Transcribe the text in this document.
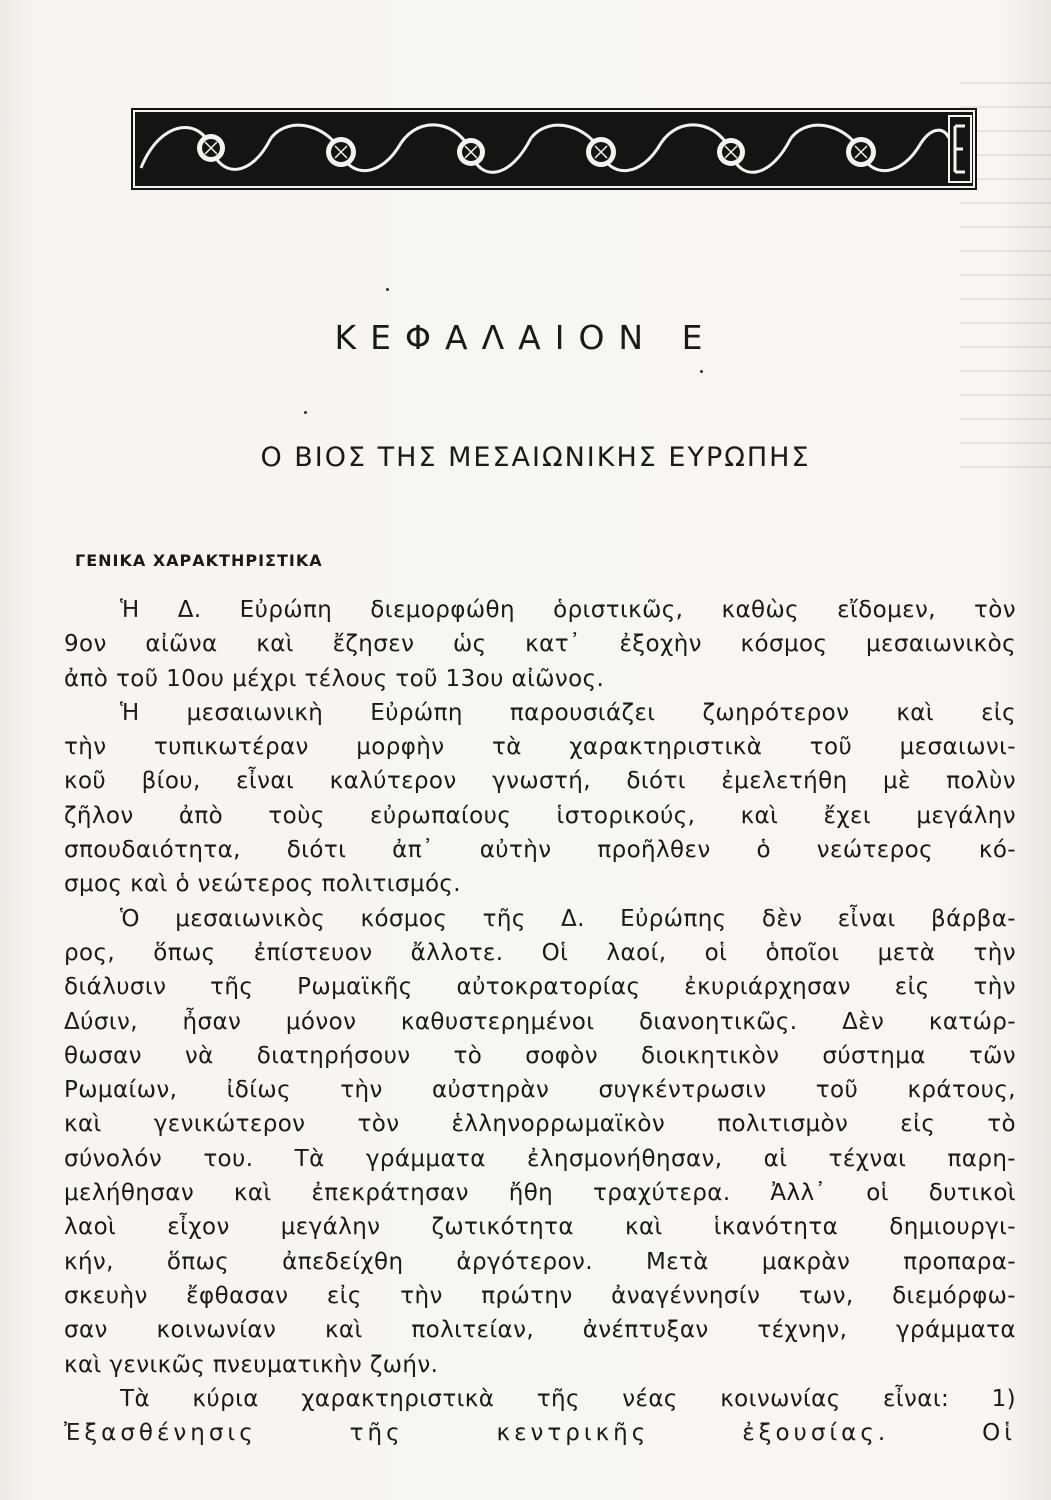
ΚΕΦΑΛΑΙΟΝ Ε
Ο ΒΙΟΣ ΤΗΣ ΜΕΣΑΙΩΝΙΚΗΣ ΕΥΡΩΠΗΣ
ΓΕΝΙΚΑ ΧΑΡΑΚΤΗΡΙΣΤΙΚΑ
Ἡ Δ. Εὐρώπη διεμορφώθη ὁριστικῶς, καθὼς εἴδομεν, τὸν
9ον αἰῶνα καὶ ἔζησεν ὡς κατ᾿ ἐξοχὴν κόσμος μεσαιωνικὸς
ἀπὸ τοῦ 10ου μέχρι τέλους τοῦ 13ου αἰῶνος.
Ἡ μεσαιωνικὴ Εὐρώπη παρουσιάζει ζωηρότερον καὶ εἰς
τὴν τυπικωτέραν μορφὴν τὰ χαρακτηριστικὰ τοῦ μεσαιωνι-
κοῦ βίου, εἶναι καλύτερον γνωστή, διότι ἐμελετήθη μὲ πολὺν
ζῆλον ἀπὸ τοὺς εὐρωπαίους ἱστορικούς, καὶ ἔχει μεγάλην
σπουδαιότητα, διότι ἀπ᾿ αὐτὴν προῆλθεν ὁ νεώτερος κό-
σμος καὶ ὁ νεώτερος πολιτισμός.
Ὁ μεσαιωνικὸς κόσμος τῆς Δ. Εὐρώπης δὲν εἶναι βάρβα-
ρος, ὅπως ἐπίστευον ἄλλοτε. Οἱ λαοί, οἱ ὁποῖοι μετὰ τὴν
διάλυσιν τῆς Ρωμαϊκῆς αὐτοκρατορίας ἐκυριάρχησαν εἰς τὴν
Δύσιν, ἦσαν μόνον καθυστερημένοι διανοητικῶς. Δὲν κατώρ-
θωσαν νὰ διατηρήσουν τὸ σοφὸν διοικητικὸν σύστημα τῶν
Ρωμαίων, ἰδίως τὴν αὐστηρὰν συγκέντρωσιν τοῦ κράτους,
καὶ γενικώτερον τὸν ἑλληνορρωμαϊκὸν πολιτισμὸν εἰς τὸ
σύνολόν του. Τὰ γράμματα ἐλησμονήθησαν, αἱ τέχναι παρη-
μελήθησαν καὶ ἐπεκράτησαν ἤθη τραχύτερα. Ἀλλ᾿ οἱ δυτικοὶ
λαοὶ εἶχον μεγάλην ζωτικότητα καὶ ἱκανότητα δημιουργι-
κήν, ὅπως ἀπεδείχθη ἀργότερον. Μετὰ μακρὰν προπαρα-
σκευὴν ἔφθασαν εἰς τὴν πρώτην ἀναγέννησίν των, διεμόρφω-
σαν κοινωνίαν καὶ πολιτείαν, ἀνέπτυξαν τέχνην, γράμματα
καὶ γενικῶς πνευματικὴν ζωήν.
Τὰ κύρια χαρακτηριστικὰ τῆς νέας κοινωνίας εἶναι: 1)
Ἐξασθένησις τῆς κεντρικῆς ἐξουσίας. Οἱ
